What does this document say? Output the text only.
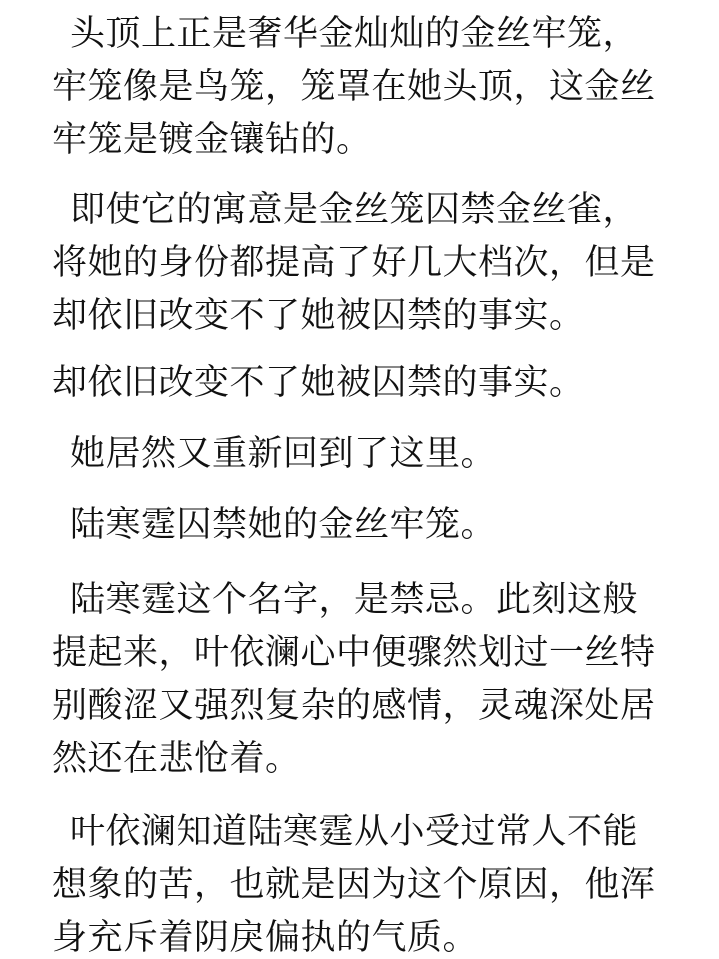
头顶上正是奢华金灿灿的金丝牢笼，
牢笼像是鸟笼，笼罩在她头顶，这金丝
牢笼是镀金镶钻的。
即使它的寓意是金丝笼囚禁金丝雀，
将她的身份都提高了好几大档次，但是
却依旧改变不了她被囚禁的事实。
却依旧改变不了她被囚禁的事实。
她居然又重新回到了这里。
陆寒霆囚禁她的金丝牢笼。
陆寒霆这个名字，是禁忌。此刻这般
提起来，叶依澜心中便骤然划过一丝特
别酸涩又强烈复杂的感情，灵魂深处居
然还在悲怆着。
叶依澜知道陆寒霆从小受过常人不能
想象的苦，也就是因为这个原因，他浑
身充斥着阴戾偏执的气质。
